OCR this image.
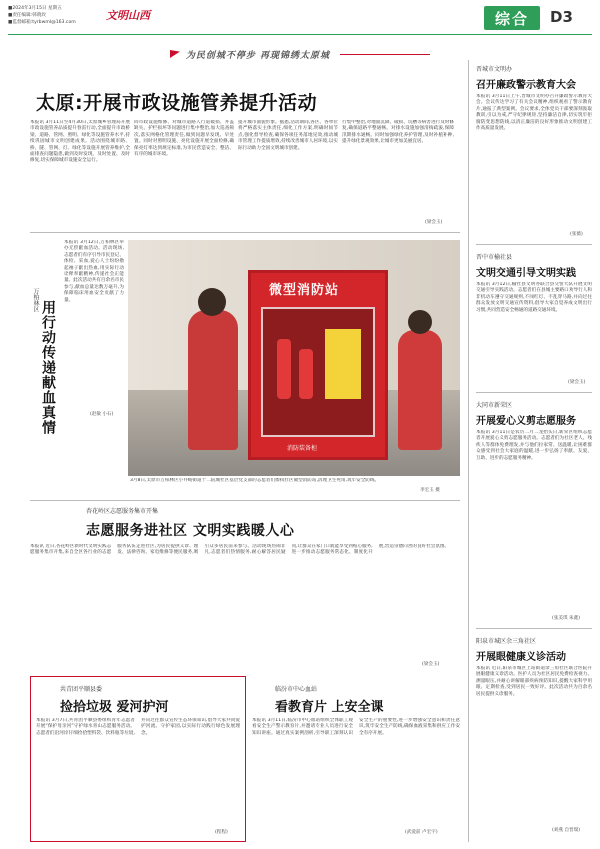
■2024年3月15日 星期五
■责任编辑:韩晓玫
■监督邮箱:tyrbwml@163.com
文明山西	综合 D3
为民创城不停步 再现锦绣太原城
太原:开展市政设施管养提升活动
本报讯 3月11日至4月30日,太原城乡管理局开展市政设施管养品质提升春雷行动,全面提升市政桥梁、道路、管网、照明、绿化等设施管养水平,持续巩固城市文明创建成果。活动围绕城市路、桥、隧、管网、灯、绿化等设施开展管养维护,全面排查问题隐患,做到及时发现、及时处置、及时修复,切实保障城市设施安全运行。
同市政设施维修、对城市道路人行道破损、井盖缺失、护栏损坏等问题进行集中整治,加大巡查频次,落实网格化管理责任,做到问题早发现、早处置。同时对照明设施、亮化设施开展全面检修,确保亮灯率达到规定标准,为市民营造安全、整洁、有序的城市环境。
提升城市面貌形象。据悉,活动期间,各区、各单位将严格落实主体责任,细化工作方案,明确时间节点,强化督导检查,确保各项任务落地见效,推动城市管理工作提质增效,持续改善城市人居环境,以实际行动助力全国文明城市创建。
行集中整治,对地面沉降、破损、坑槽等病害进行及时修复,确保道路平整通畅。对排水设施加强清掏疏浚,保障汛期排水通畅。同时加强绿化养护管理,及时补植补种,提升绿化景观效果,让城市更加美丽宜居。
(梁会玉)
万柏林区 用行动传递献血真情
本报讯 3月12日,万柏林区举办无偿献血活动。活动现场,志愿者们有序引导市民登记、体检、采血,爱心人士纷纷撸起袖子献出热血,用实际行动诠释奉献精神,传递社会正能量。此次活动共有百余名市民参与,献血总量达数万毫升,为保障临床用血安全贡献了力量。
(赵敏 小石)
微型消防站
消防装备柜
3月8日,太原市万柏林区小井峪街道十二院城社区基层党支部的志愿者们擦拭社区微型消防站,清理卫生死角,筑牢安全防线。
李宏玉 摄
杏花岭区志愿服务集市开集
志愿服务进社区 文明实践暖人心
本报讯 近日,杏花岭区新时代文明实践志愿服务集市开集,来自全区各行业的志愿服务队伍走进社区,为居民提供义诊、理发、法律咨询、家电维修等便民服务,吸引众多居民前来参与。活动现场热闹非凡,志愿者们热情服务,耐心解答居民疑问,让群众在家门口就能享受到贴心服务,进一步推动志愿服务常态化、制度化开展,营造崇德向善的良好社会氛围。
(梁会玉)
共青团平顺县委
捡拾垃圾 爱河护河
本报讯 3月7日,共青团平顺县委组织青年志愿者开展“保护母亲河”守护绿水青山志愿服务活动。志愿者们沿河岸仔细捡拾塑料袋、饮料瓶等垃圾,并向过往群众宣传生态环保知识,倡导大家共同爱护河流、守护家园,以实际行动践行绿色发展理念。
(程程)
临汾市中心血站
看教育片 上安全课
本报讯 3月11日,临汾市中心血站组织全体职工观看安全生产警示教育片,并邀请专业人员进行安全知识讲座。通过真实案例剖析,引导职工深刻认识安全生产的重要性,进一步增强安全意识和责任意识,筑牢安全生产防线,确保血液采集和供应工作安全有序开展。
(武爱前 卢宏宇)
晋城市文明办
召开廉政警示教育大会
本报讯 3月11日上午,晋城市文明办召开廉政警示教育大会。会议传达学习了有关会议精神,组织观看了警示教育片,通报了典型案例。会议要求,全体党员干部要深刻汲取教训,引以为戒,严守纪律规矩,坚持廉洁自律,切实筑牢拒腐防变思想防线,以清正廉洁的良好形象推动文明创建工作高质量发展。
(张薇)
晋中市榆社县
文明交通引导文明实践
本报讯 3月12日,榆社县文明办联合县交警大队开展文明交通引导实践活动。志愿者们在县城主要路口劝导行人和非机动车遵守交通规则,不闯红灯、不乱穿马路,并向过往群众发放文明交通宣传资料,倡导大家自觉养成文明出行习惯,共同营造安全畅通的道路交通环境。
(梁会玉)
大同市新荣区
开展爱心义剪志愿服务
本报讯 3月11日是农历二月二龙抬头日,新荣区组织志愿者开展爱心义剪志愿服务活动。志愿者们为社区老人、残疾人等群体免费理发,并与他们拉家常、送温暖,让困难群众感受到社会大家庭的温暖,进一步弘扬了奉献、友爱、互助、进步的志愿服务精神。
(张美琪 朱蕤)
阳泉市城区余三角社区
开展眼健康义诊活动
本报讯 近日,阳泉市城区上站街道余三角社区联合医院开展眼健康义诊活动。医护人员为社区居民免费检查视力、测量眼压,并耐心讲解眼部疾病预防知识,提醒大家科学用眼、定期检查,受到居民一致好评。此次活动共为百余名居民提供义诊服务。
(刘燕 自晋瑞)
